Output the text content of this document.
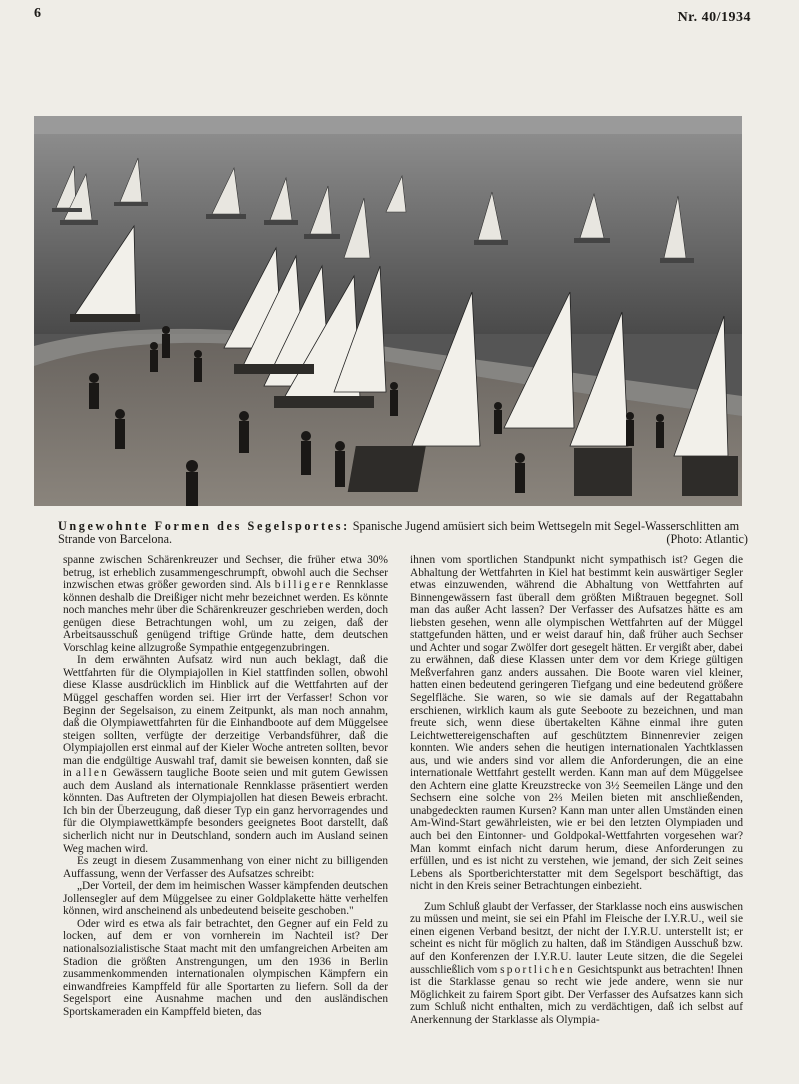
6	Nr. 40/1934
Ungewohnte Formen des Segelsportes: Spanische Jugend amüsiert sich beim Wettsegeln mit Segel-Wasserschlitten am Strande von Barcelona.	(Photo: Atlantic)

spanne zwischen Schärenkreuzer und Sechser, die früher etwa 30% betrug, ist erheblich zusammengeschrumpft, obwohl auch die Sechser inzwischen etwas größer geworden sind. Als billigere Rennklasse können deshalb die Dreißiger nicht mehr bezeichnet werden. Es könnte noch manches mehr über die Schärenkreuzer geschrieben werden, doch genügen diese Betrachtungen wohl, um zu zeigen, daß der Arbeitsausschuß genügend triftige Gründe hatte, dem deutschen Vorschlag keine allzugroße Sympathie entgegenzubringen.

In dem erwähnten Aufsatz wird nun auch beklagt, daß die Wettfahrten für die Olympiajollen in Kiel stattfinden sollen, obwohl diese Klasse ausdrücklich im Hinblick auf die Wettfahrten auf der Müggel geschaffen worden sei. Hier irrt der Verfasser! Schon vor Beginn der Segelsaison, zu einem Zeitpunkt, als man noch annahm, daß die Olympiawettfahrten für die Einhandboote auf dem Müggelsee steigen sollten, verfügte der derzeitige Verbandsführer, daß die Olympiajollen erst einmal auf der Kieler Woche antreten sollten, bevor man die endgültige Auswahl traf, damit sie beweisen konnten, daß sie in allen Gewässern taugliche Boote seien und mit gutem Gewissen auch dem Ausland als internationale Rennklasse präsentiert werden könnten. Das Auftreten der Olympiajollen hat diesen Beweis erbracht. Ich bin der Überzeugung, daß dieser Typ ein ganz hervorragendes und für die Olympiawettkämpfe besonders geeignetes Boot darstellt, daß sicherlich nicht nur in Deutschland, sondern auch im Ausland seinen Weg machen wird.

Es zeugt in diesem Zusammenhang von einer nicht zu billigenden Auffassung, wenn der Verfasser des Aufsatzes schreibt:

„Der Vorteil, der dem im heimischen Wasser kämpfenden deutschen Jollensegler auf dem Müggelsee zu einer Goldplakette hätte verhelfen können, wird anscheinend als unbedeutend beiseite geschoben."

Oder wird es etwa als fair betrachtet, den Gegner auf ein Feld zu locken, auf dem er von vornherein im Nachteil ist? Der nationalsozialistische Staat macht mit den umfangreichen Arbeiten am Stadion die größten Anstrengungen, um den 1936 in Berlin zusammenkommenden internationalen olympischen Kämpfern ein einwandfreies Kampffeld für alle Sportarten zu liefern. Soll da der Segelsport eine Ausnahme machen und den ausländischen Sportskameraden ein Kampffeld bieten, das

ihnen vom sportlichen Standpunkt nicht sympathisch ist? Gegen die Abhaltung der Wettfahrten in Kiel hat bestimmt kein auswärtiger Segler etwas einzuwenden, während die Abhaltung von Wettfahrten auf Binnengewässern fast überall dem größten Mißtrauen begegnet. Soll man das außer Acht lassen? Der Verfasser des Aufsatzes hätte es am liebsten gesehen, wenn alle olympischen Wettfahrten auf der Müggel stattgefunden hätten, und er weist darauf hin, daß früher auch Sechser und Achter und sogar Zwölfer dort gesegelt hätten. Er vergißt aber, dabei zu erwähnen, daß diese Klassen unter dem vor dem Kriege gültigen Meßverfahren ganz anders aussahen. Die Boote waren viel kleiner, hatten einen bedeutend geringeren Tiefgang und eine bedeutend größere Segelfläche. Sie waren, so wie sie damals auf der Regattabahn erschienen, wirklich kaum als gute Seeboote zu bezeichnen, und man freute sich, wenn diese übertakelten Kähne einmal ihre guten Leichtwettereigenschaften auf geschütztem Binnenrevier zeigen konnten. Wie anders sehen die heutigen internationalen Yachtklassen aus, und wie anders sind vor allem die Anforderungen, die an eine internationale Wettfahrt gestellt werden. Kann man auf dem Müggelsee den Achtern eine glatte Kreuzstrecke von 3½ Seemeilen Länge und den Sechsern eine solche von 2⅔ Meilen bieten mit anschließenden, unabgedeckten raumen Kursen? Kann man unter allen Umständen einen Am-Wind-Start gewährleisten, wie er bei den letzten Olympiaden und auch bei den Eintonner- und Goldpokal-Wettfahrten vorgesehen war? Man kommt einfach nicht darum herum, diese Anforderungen zu erfüllen, und es ist nicht zu verstehen, wie jemand, der sich Zeit seines Lebens als Sportberichterstatter mit dem Segelsport beschäftigt, das nicht in den Kreis seiner Betrachtungen einbezieht.

Zum Schluß glaubt der Verfasser, der Starklasse noch eins auswischen zu müssen und meint, sie sei ein Pfahl im Fleische der I.Y.R.U., weil sie einen eigenen Verband besitzt, der nicht der I.Y.R.U. unterstellt ist; er scheint es nicht für möglich zu halten, daß im Ständigen Ausschuß bzw. auf den Konferenzen der I.Y.R.U. lauter Leute sitzen, die die Segelei ausschließlich vom sportlichen Gesichtspunkt aus betrachten! Ihnen ist die Starklasse genau so recht wie jede andere, wenn sie nur Möglichkeit zu fairem Sport gibt. Der Verfasser des Aufsatzes kann sich zum Schluß nicht enthalten, mich zu verdächtigen, daß ich selbst auf Anerkennung der Starklasse als Olympia-
